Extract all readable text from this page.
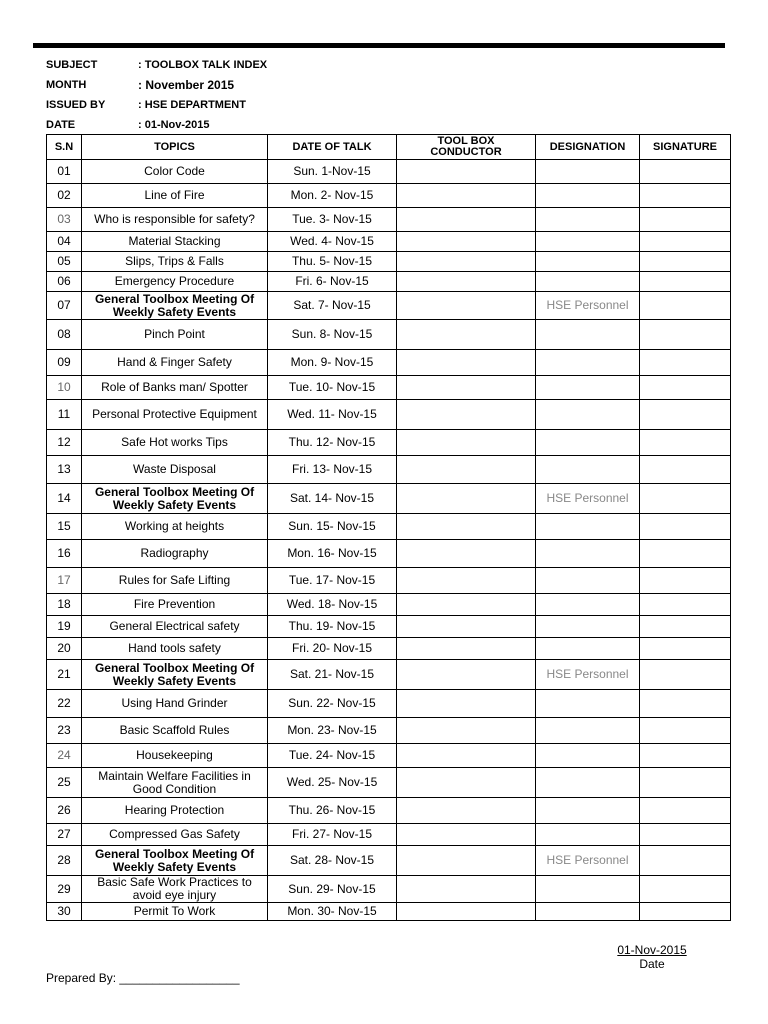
SUBJECT	: TOOLBOX TALK INDEX
MONTH	: November 2015
ISSUED BY	: HSE DEPARTMENT
DATE	: 01-Nov-2015
S.N	TOPICS	DATE OF TALK	TOOL BOX CONDUCTOR	DESIGNATION	SIGNATURE
01	Color Code	Sun. 1-Nov-15			
02	Line of Fire	Mon. 2- Nov-15			
03	Who is responsible for safety?	Tue. 3- Nov-15			
04	Material Stacking	Wed. 4- Nov-15			
05	Slips, Trips & Falls	Thu. 5- Nov-15			
06	Emergency Procedure	Fri. 6- Nov-15			
07	General Toolbox Meeting Of Weekly Safety Events	Sat. 7- Nov-15		HSE Personnel	
08	Pinch Point	Sun. 8- Nov-15			
09	Hand & Finger Safety	Mon. 9- Nov-15			
10	Role of Banks man/ Spotter	Tue. 10- Nov-15			
11	Personal Protective Equipment	Wed. 11- Nov-15			
12	Safe Hot works Tips	Thu. 12- Nov-15			
13	Waste Disposal	Fri. 13- Nov-15			
14	General Toolbox Meeting Of Weekly Safety Events	Sat. 14- Nov-15		HSE Personnel	
15	Working at heights	Sun. 15- Nov-15			
16	Radiography	Mon. 16- Nov-15			
17	Rules for Safe Lifting	Tue. 17- Nov-15			
18	Fire Prevention	Wed. 18- Nov-15			
19	General Electrical safety	Thu. 19- Nov-15			
20	Hand tools safety	Fri. 20- Nov-15			
21	General Toolbox Meeting Of Weekly Safety Events	Sat. 21- Nov-15		HSE Personnel	
22	Using Hand Grinder	Sun. 22- Nov-15			
23	Basic Scaffold Rules	Mon. 23- Nov-15			
24	Housekeeping	Tue. 24- Nov-15			
25	Maintain Welfare Facilities in Good Condition	Wed. 25- Nov-15			
26	Hearing Protection	Thu. 26- Nov-15			
27	Compressed Gas Safety	Fri. 27- Nov-15			
28	General Toolbox Meeting Of Weekly Safety Events	Sat. 28- Nov-15		HSE Personnel	
29	Basic Safe Work Practices to avoid eye injury	Sun. 29- Nov-15			
30	Permit To Work	Mon. 30- Nov-15			
01-Nov-2015
Date
Prepared By: __________________
